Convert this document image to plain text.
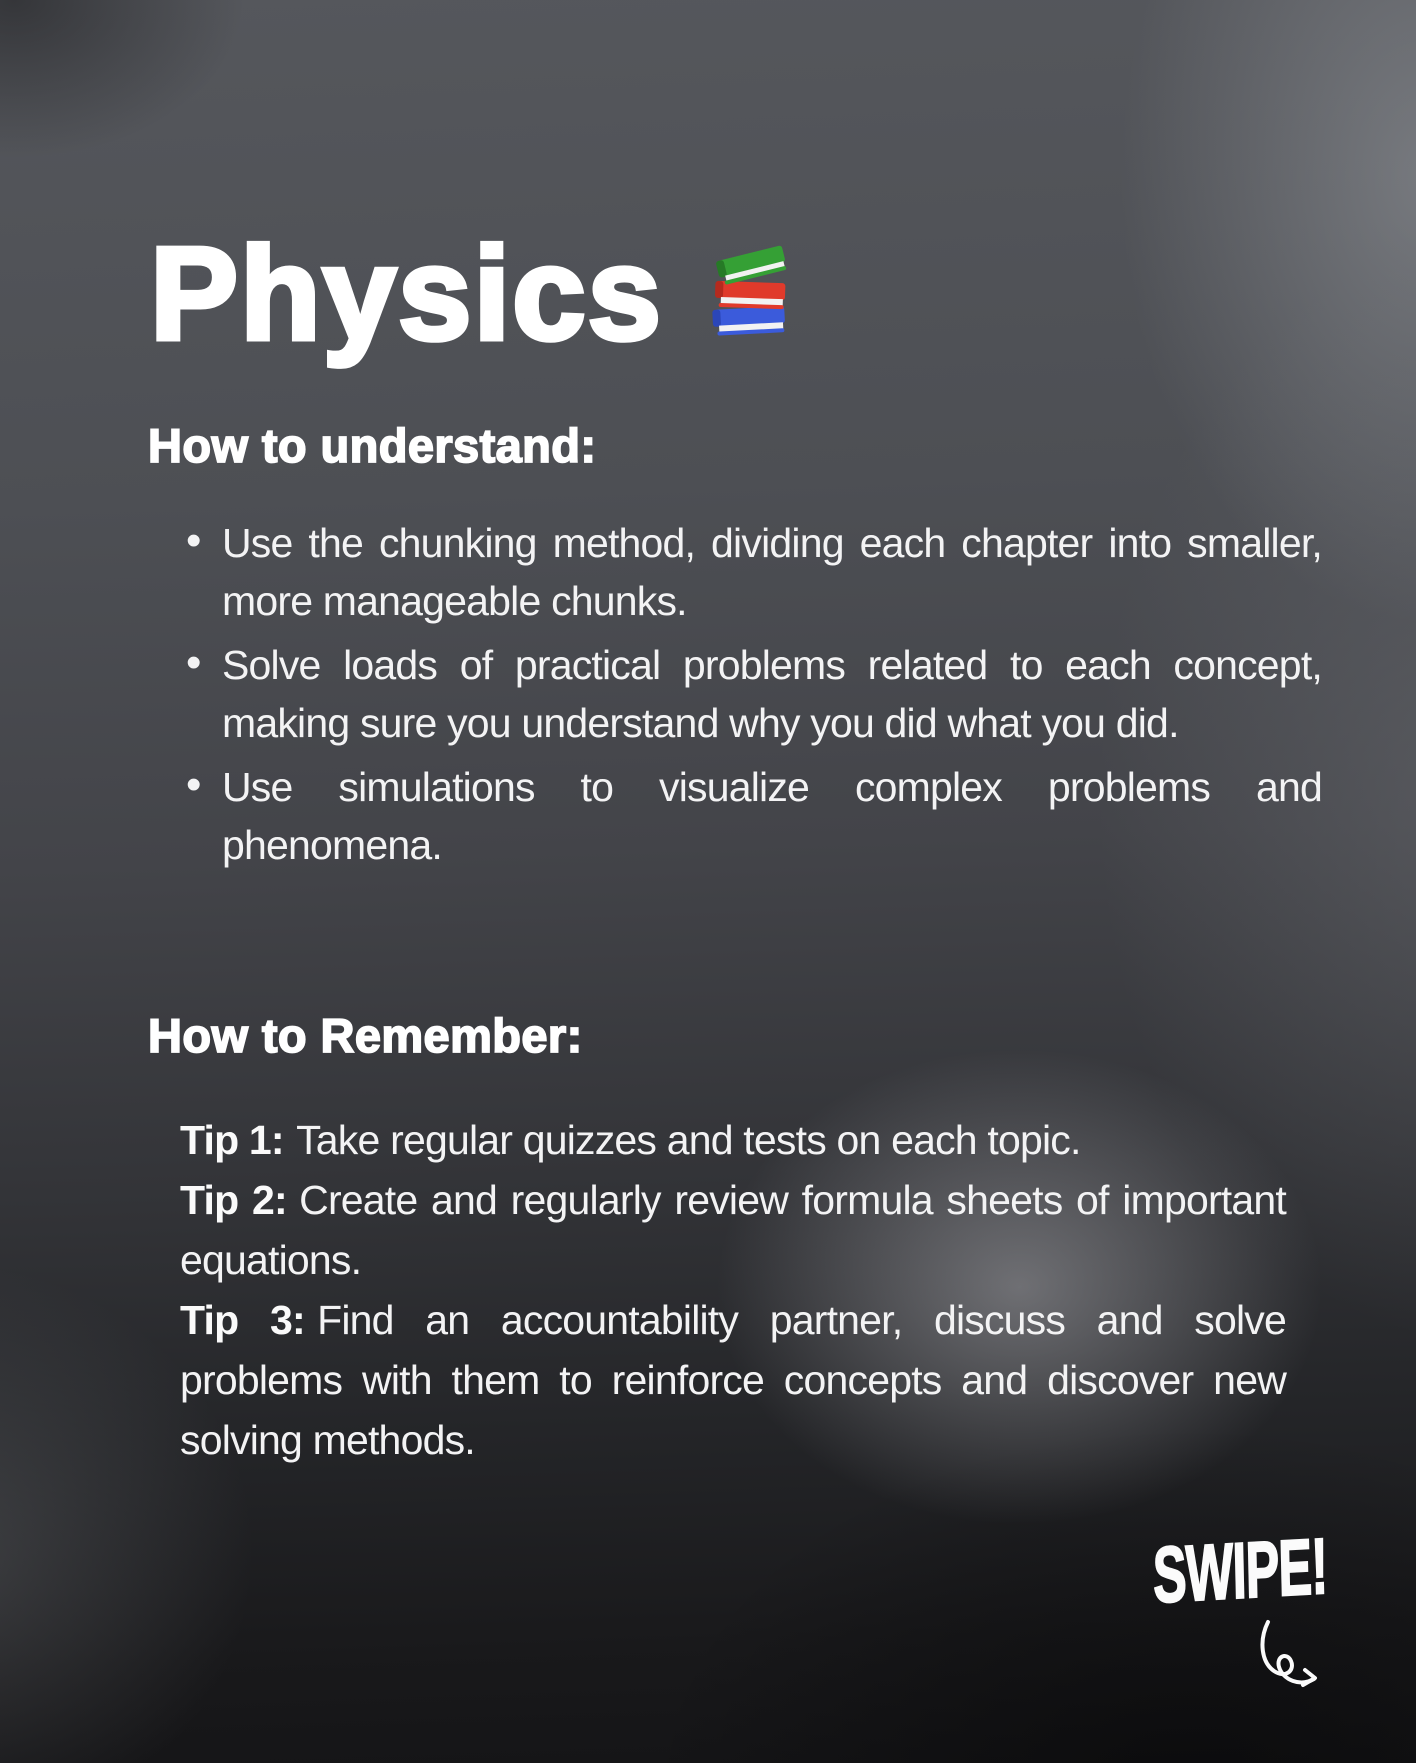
Physics
How to understand:
• Use the chunking method, dividing each chapter into smaller, more manageable chunks.
• Solve loads of practical problems related to each concept, making sure you understand why you did what you did.
• Use simulations to visualize complex problems and phenomena.
How to Remember:

Tip 1: Take regular quizzes and tests on each topic.

Tip 2: Create and regularly review formula sheets of important equations.

Tip 3: Find an accountability partner, discuss and solve problems with them to reinforce concepts and discover new solving methods.

SWIPE!
